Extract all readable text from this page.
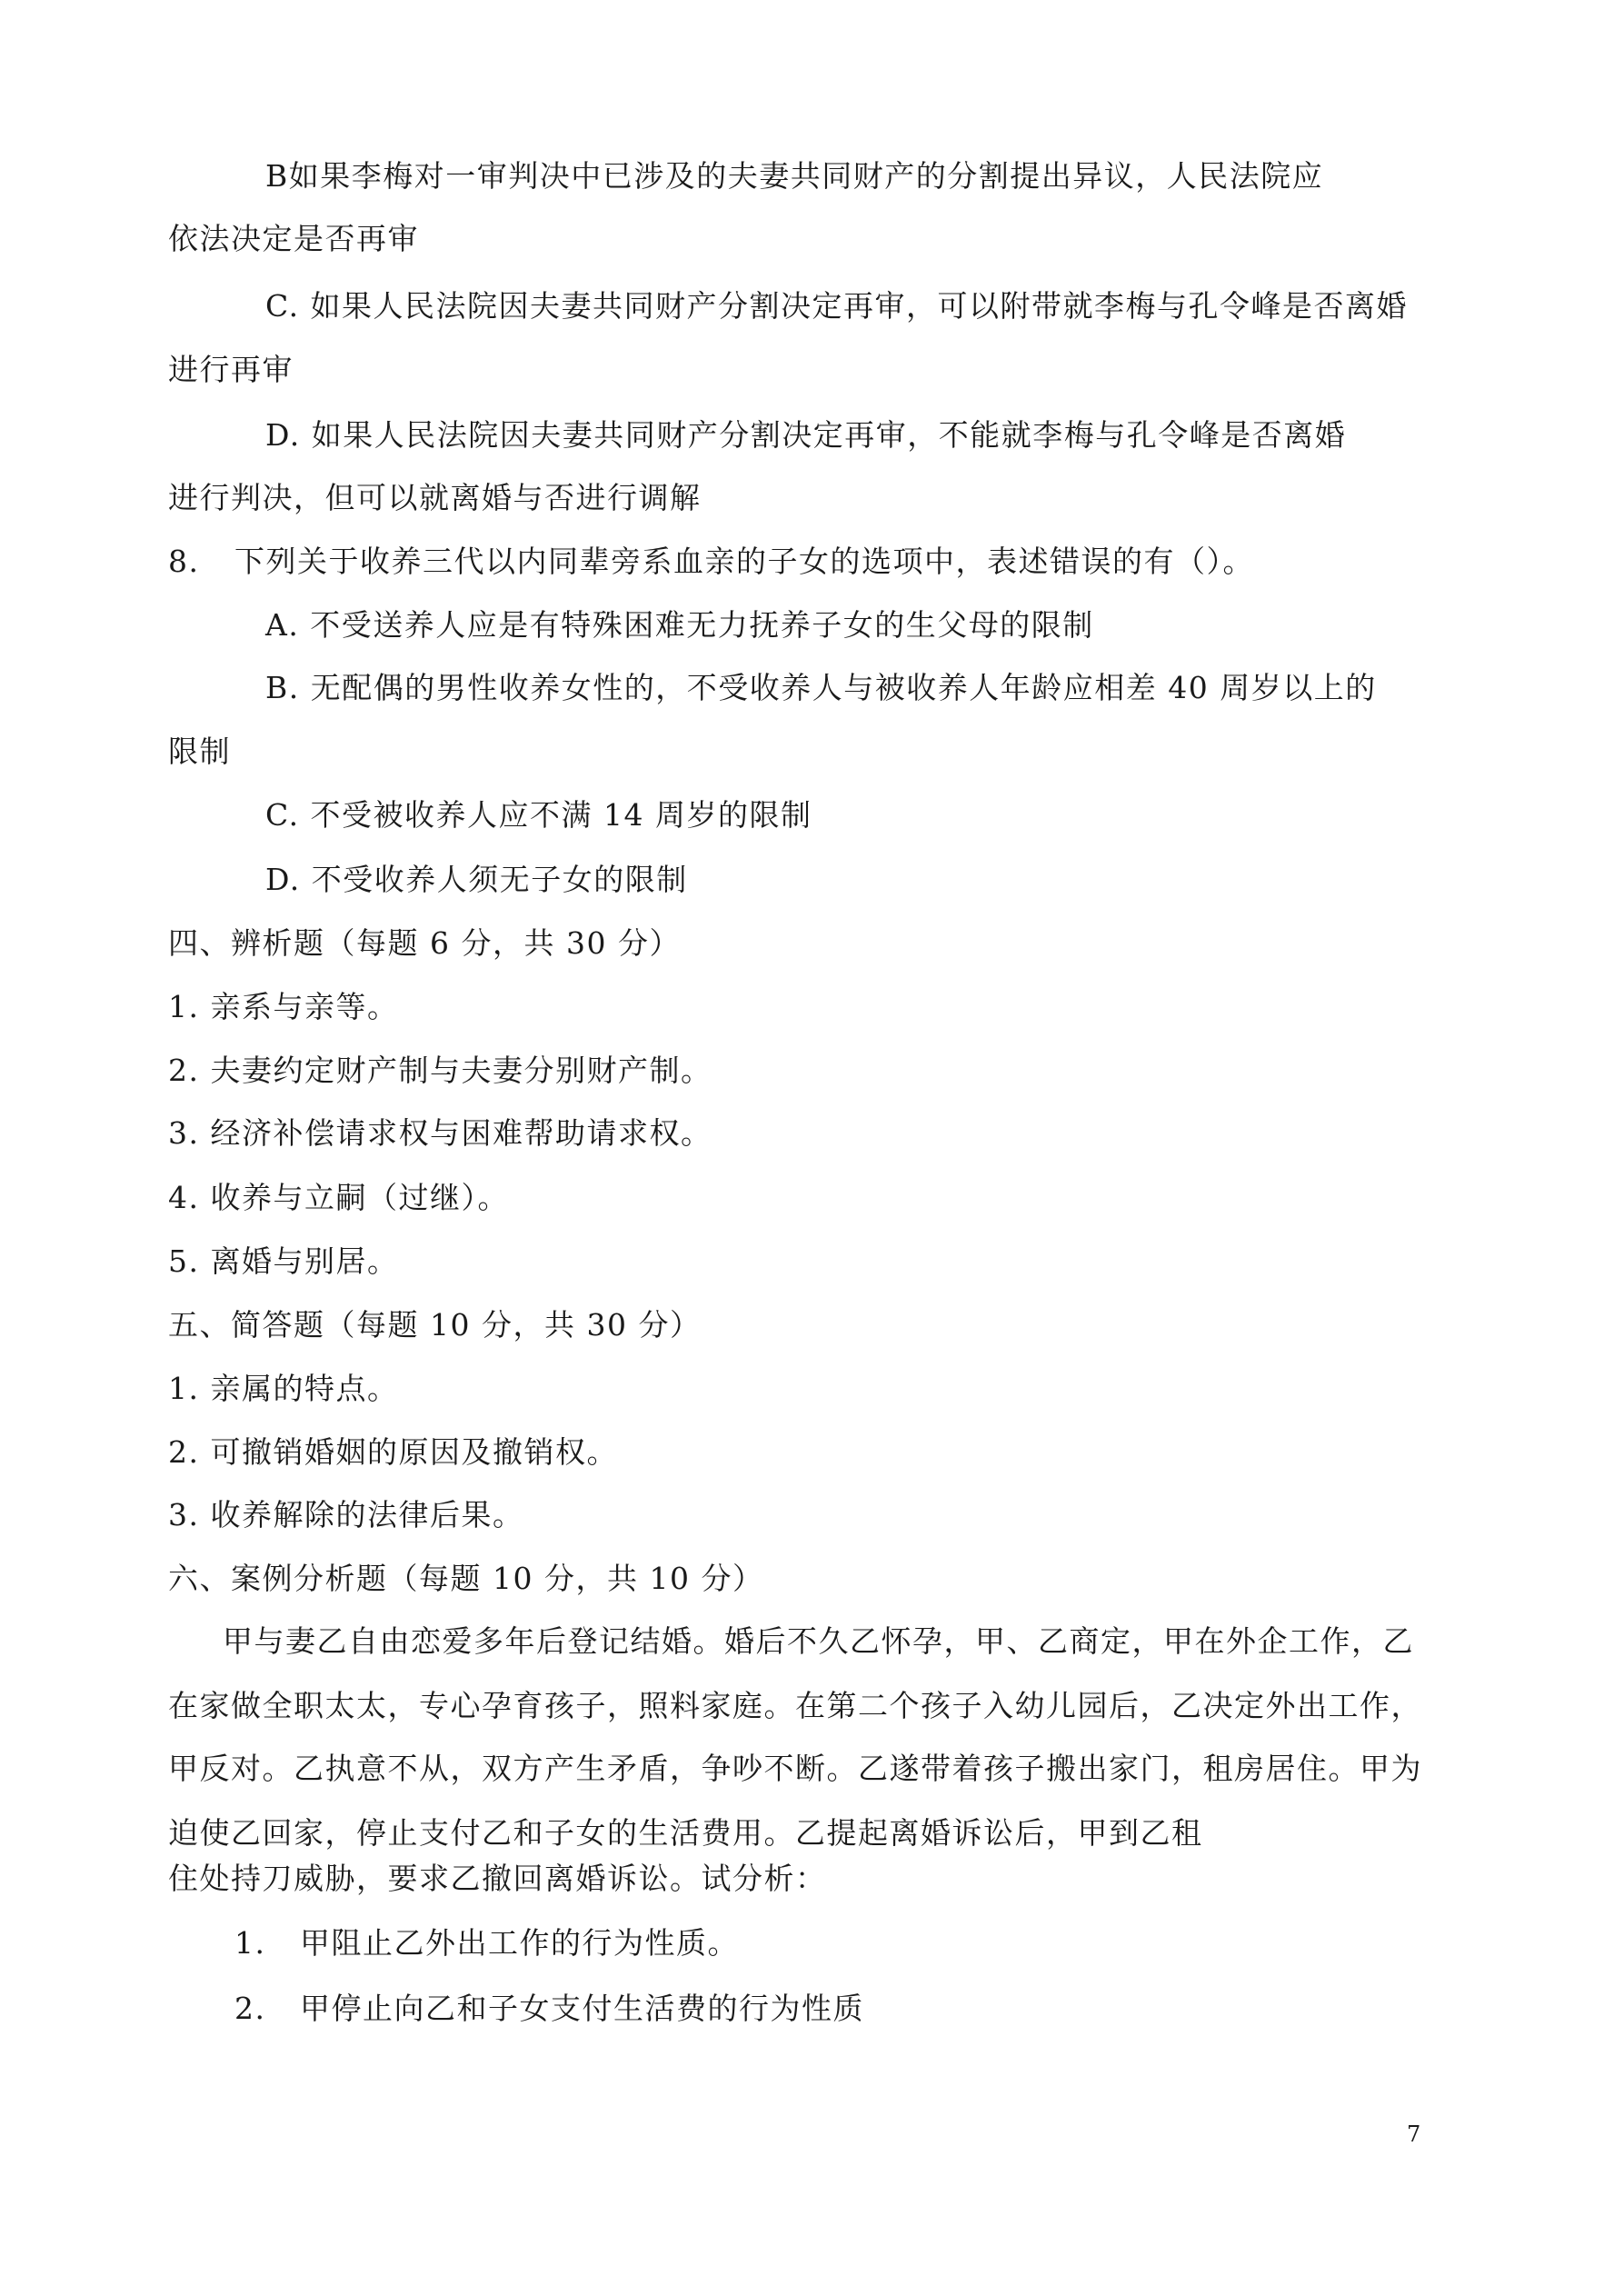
B如果李梅对一审判决中已涉及的夫妻共同财产的分割提出异议，人民法院应
依法决定是否再审
C. 如果人民法院因夫妻共同财产分割决定再审，可以附带就李梅与孔令峰是否离婚
进行再审
D. 如果人民法院因夫妻共同财产分割决定再审，不能就李梅与孔令峰是否离婚
进行判决，但可以就离婚与否进行调解
8. 下列关于收养三代以内同辈旁系血亲的子女的选项中，表述错误的有（）。
A. 不受送养人应是有特殊困难无力抚养子女的生父母的限制
B. 无配偶的男性收养女性的，不受收养人与被收养人年龄应相差 40 周岁以上的
限制
C. 不受被收养人应不满 14 周岁的限制
D. 不受收养人须无子女的限制
四、辨析题（每题 6 分，共 30 分）
1. 亲系与亲等。
2. 夫妻约定财产制与夫妻分别财产制。
3. 经济补偿请求权与困难帮助请求权。
4. 收养与立嗣（过继）。
5. 离婚与别居。
五、简答题（每题 10 分，共 30 分）
1. 亲属的特点。
2. 可撤销婚姻的原因及撤销权。
3. 收养解除的法律后果。
六、案例分析题（每题 10 分，共 10 分）
甲与妻乙自由恋爱多年后登记结婚。婚后不久乙怀孕，甲、乙商定，甲在外企工作，乙
在家做全职太太，专心孕育孩子，照料家庭。在第二个孩子入幼儿园后，乙决定外出工作，
甲反对。乙执意不从，双方产生矛盾，争吵不断。乙遂带着孩子搬出家门，租房居住。甲为
迫使乙回家，停止支付乙和子女的生活费用。乙提起离婚诉讼后，甲到乙租
住处持刀威胁，要求乙撤回离婚诉讼。试分析：
1. 甲阻止乙外出工作的行为性质。
2. 甲停止向乙和子女支付生活费的行为性质
7
